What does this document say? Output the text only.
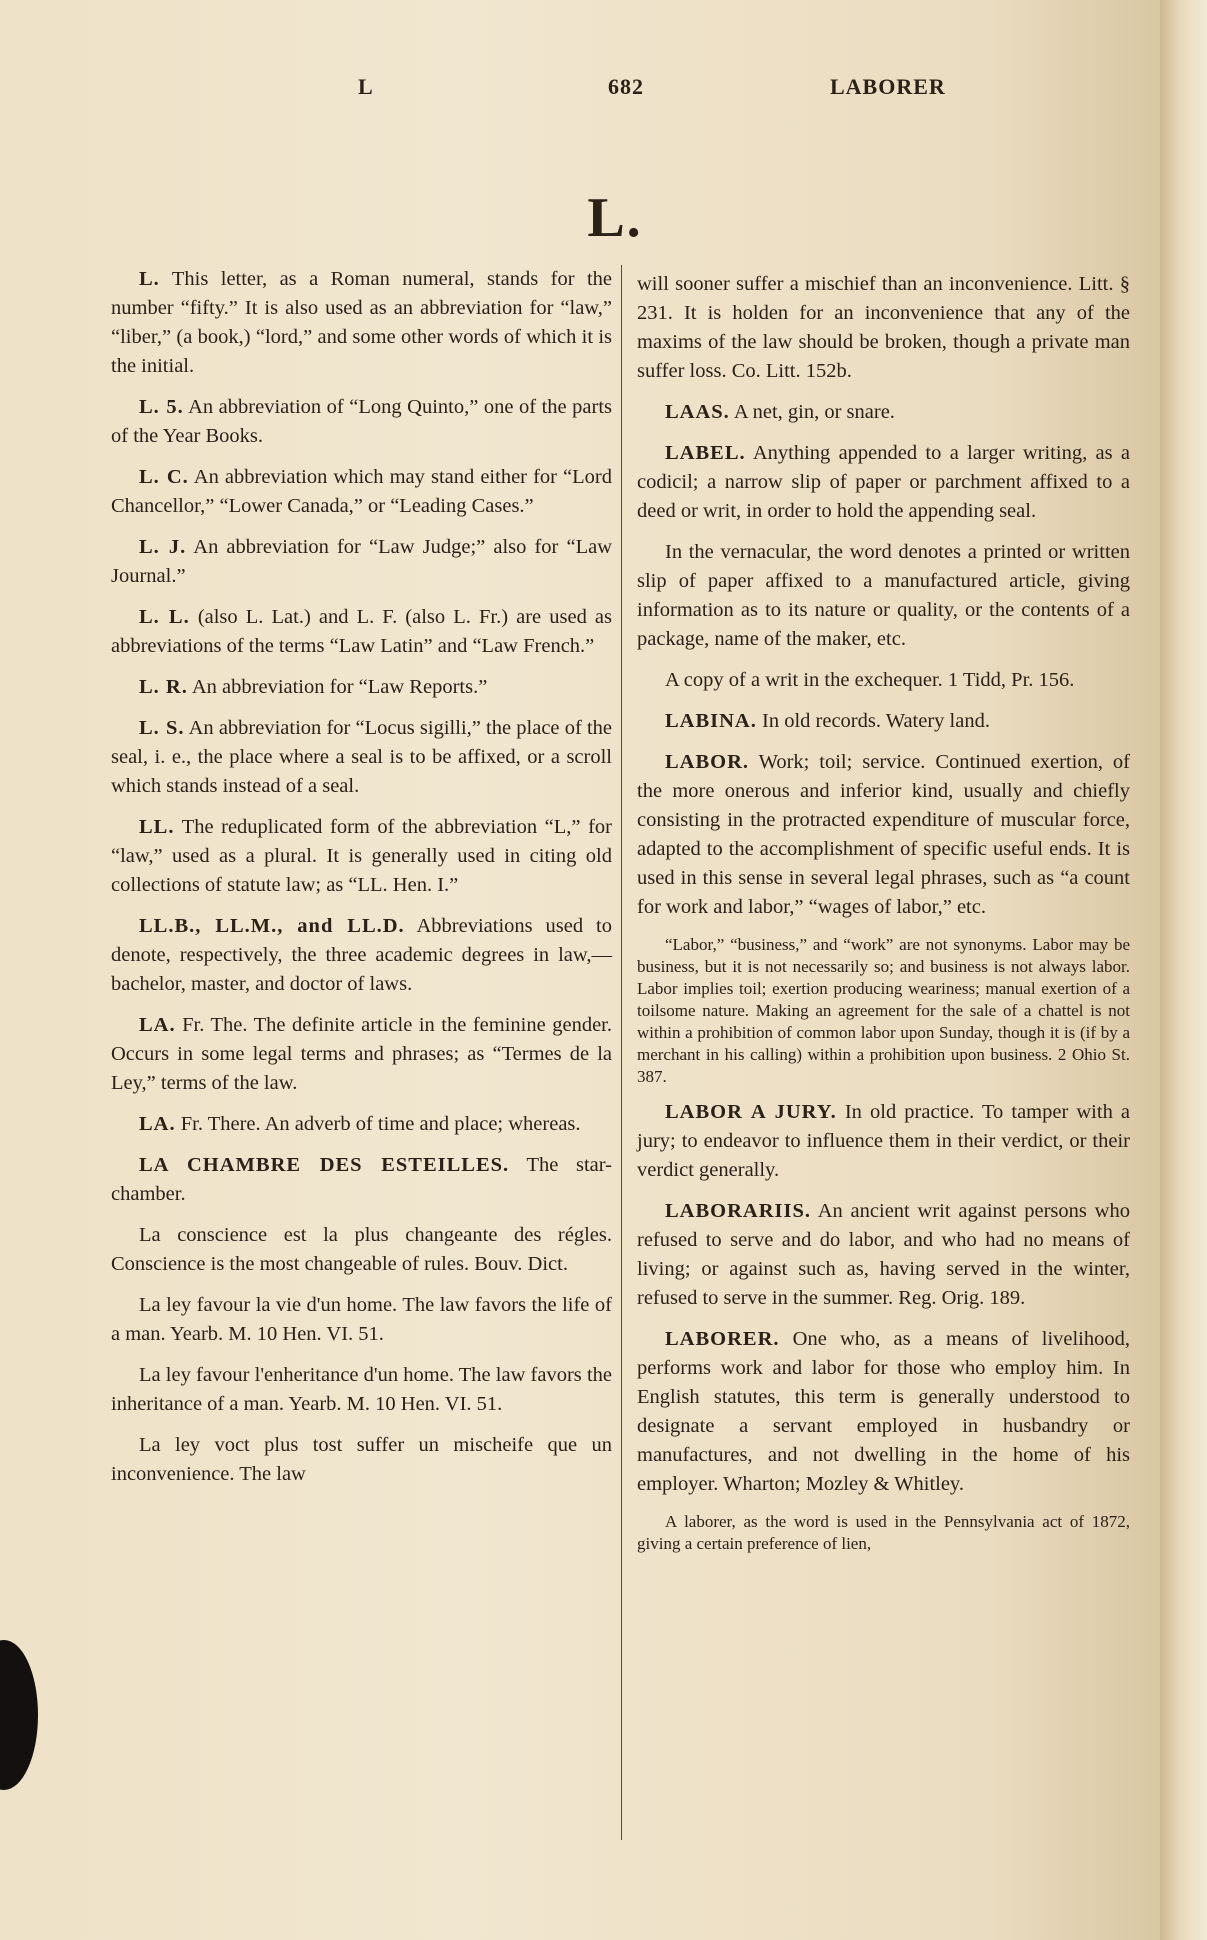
L	682	LABORER
L.

L. This letter, as a Roman numeral, stands for the number “fifty.” It is also used as an abbreviation for “law,” “liber,” (a book,) “lord,” and some other words of which it is the initial.

L. 5. An abbreviation of “Long Quinto,” one of the parts of the Year Books.

L. C. An abbreviation which may stand either for “Lord Chancellor,” “Lower Canada,” or “Leading Cases.”

L. J. An abbreviation for “Law Judge;” also for “Law Journal.”

L. L. (also L. Lat.) and L. F. (also L. Fr.) are used as abbreviations of the terms “Law Latin” and “Law French.”

L. R. An abbreviation for “Law Reports.”

L. S. An abbreviation for “Locus sigilli,” the place of the seal, i. e., the place where a seal is to be affixed, or a scroll which stands instead of a seal.

LL. The reduplicated form of the abbreviation “L,” for “law,” used as a plural. It is generally used in citing old collections of statute law; as “LL. Hen. I.”

LL.B., LL.M., and LL.D. Abbreviations used to denote, respectively, the three academic degrees in law,—bachelor, master, and doctor of laws.

LA. Fr. The. The definite article in the feminine gender. Occurs in some legal terms and phrases; as “Termes de la Ley,” terms of the law.

LA. Fr. There. An adverb of time and place; whereas.

LA CHAMBRE DES ESTEILLES. The star-chamber.

La conscience est la plus changeante des régles. Conscience is the most changeable of rules. Bouv. Dict.

La ley favour la vie d'un home. The law favors the life of a man. Yearb. M. 10 Hen. VI. 51.

La ley favour l'enheritance d'un home. The law favors the inheritance of a man. Yearb. M. 10 Hen. VI. 51.

La ley voct plus tost suffer un mischeife que un inconvenience. The law

will sooner suffer a mischief than an inconvenience. Litt. § 231. It is holden for an inconvenience that any of the maxims of the law should be broken, though a private man suffer loss. Co. Litt. 152b.

LAAS. A net, gin, or snare.

LABEL. Anything appended to a larger writing, as a codicil; a narrow slip of paper or parchment affixed to a deed or writ, in order to hold the appending seal.

In the vernacular, the word denotes a printed or written slip of paper affixed to a manufactured article, giving information as to its nature or quality, or the contents of a package, name of the maker, etc.

A copy of a writ in the exchequer. 1 Tidd, Pr. 156.

LABINA. In old records. Watery land.

LABOR. Work; toil; service. Continued exertion, of the more onerous and inferior kind, usually and chiefly consisting in the protracted expenditure of muscular force, adapted to the accomplishment of specific useful ends. It is used in this sense in several legal phrases, such as “a count for work and labor,” “wages of labor,” etc.

“Labor,” “business,” and “work” are not synonyms. Labor may be business, but it is not necessarily so; and business is not always labor. Labor implies toil; exertion producing weariness; manual exertion of a toilsome nature. Making an agreement for the sale of a chattel is not within a prohibition of common labor upon Sunday, though it is (if by a merchant in his calling) within a prohibition upon business. 2 Ohio St. 387.

LABOR A JURY. In old practice. To tamper with a jury; to endeavor to influence them in their verdict, or their verdict generally.

LABORARIIS. An ancient writ against persons who refused to serve and do labor, and who had no means of living; or against such as, having served in the winter, refused to serve in the summer. Reg. Orig. 189.

LABORER. One who, as a means of livelihood, performs work and labor for those who employ him. In English statutes, this term is generally understood to designate a servant employed in husbandry or manufactures, and not dwelling in the home of his employer. Wharton; Mozley & Whitley.

A laborer, as the word is used in the Pennsylvania act of 1872, giving a certain preference of lien,
